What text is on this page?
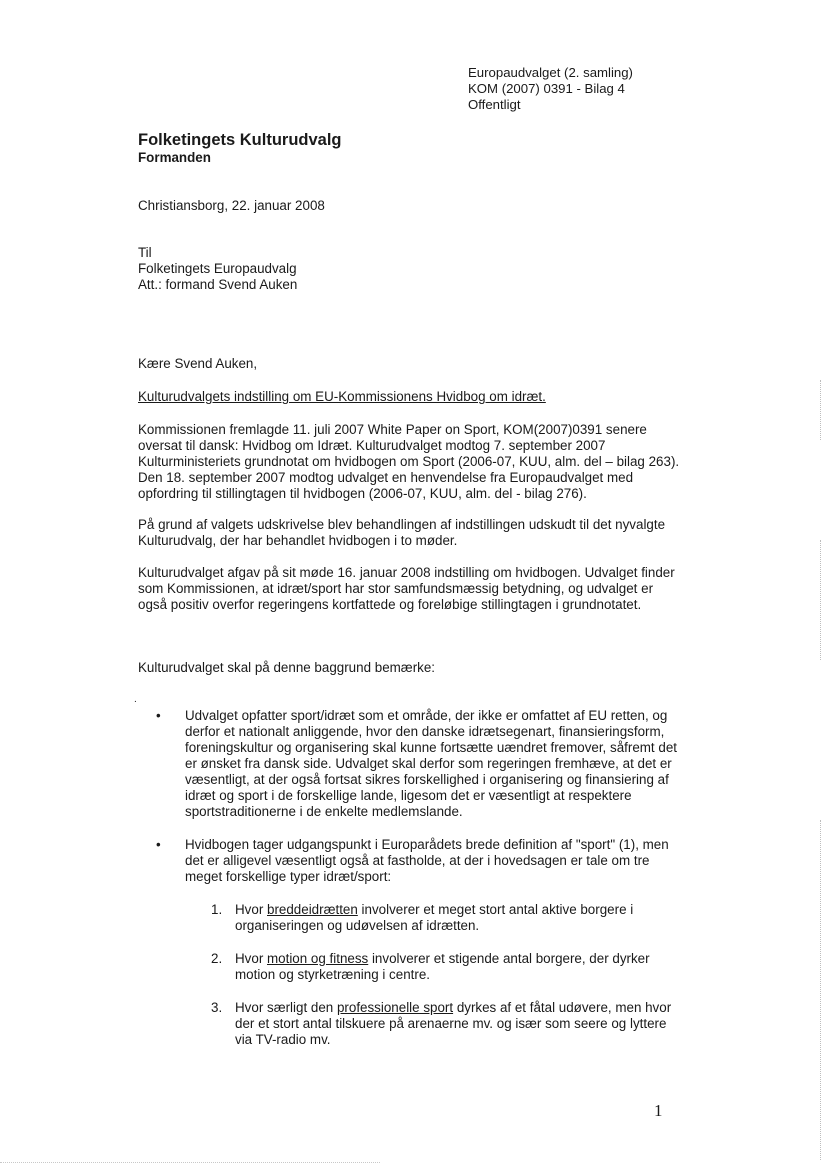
Europaudvalget (2. samling)
KOM (2007) 0391 - Bilag 4
Offentligt
Folketingets Kulturudvalg
Formanden
Christiansborg, 22. januar 2008
Til
Folketingets Europaudvalg
Att.: formand Svend Auken
Kære Svend Auken,
Kulturudvalgets indstilling om EU-Kommissionens Hvidbog om idræt.
Kommissionen fremlagde 11. juli 2007 White Paper on Sport, KOM(2007)0391 senere oversat til dansk: Hvidbog om Idræt. Kulturudvalget modtog 7. september 2007 Kulturministeriets grundnotat om hvidbogen om Sport (2006-07, KUU, alm. del – bilag 263). Den 18. september 2007 modtog udvalget en henvendelse fra Europaudvalget med opfordring til stillingtagen til hvidbogen (2006-07, KUU, alm. del - bilag 276).
På grund af valgets udskrivelse blev behandlingen af indstillingen udskudt til det nyvalgte Kulturudvalg, der har behandlet hvidbogen i to møder.
Kulturudvalget afgav på sit møde 16. januar 2008 indstilling om hvidbogen. Udvalget finder som Kommissionen, at idræt/sport har stor samfundsmæssig betydning, og udvalget er også positiv overfor regeringens kortfattede og foreløbige stillingtagen i grundnotatet.
Kulturudvalget skal på denne baggrund bemærke:
.
• Udvalget opfatter sport/idræt som et område, der ikke er omfattet af EU retten, og derfor et nationalt anliggende, hvor den danske idrætsegenart, finansieringsform, foreningskultur og organisering skal kunne fortsætte uændret fremover, såfremt det er ønsket fra dansk side. Udvalget skal derfor som regeringen fremhæve, at det er væsentligt, at der også fortsat sikres forskellighed i organisering og finansiering af idræt og sport i de forskellige lande, ligesom det er væsentligt at respektere sportstraditionerne i de enkelte medlemslande.
• Hvidbogen tager udgangspunkt i Europarådets brede definition af "sport" (1), men det er alligevel væsentligt også at fastholde, at der i hovedsagen er tale om tre meget forskellige typer idræt/sport:
1. Hvor breddeidrætten involverer et meget stort antal aktive borgere i organiseringen og udøvelsen af idrætten.
2. Hvor motion og fitness involverer et stigende antal borgere, der dyrker motion og styrketræning i centre.
3. Hvor særligt den professionelle sport dyrkes af et fåtal udøvere, men hvor der et stort antal tilskuere på arenaerne mv. og især som seere og lyttere via TV-radio mv.
1
